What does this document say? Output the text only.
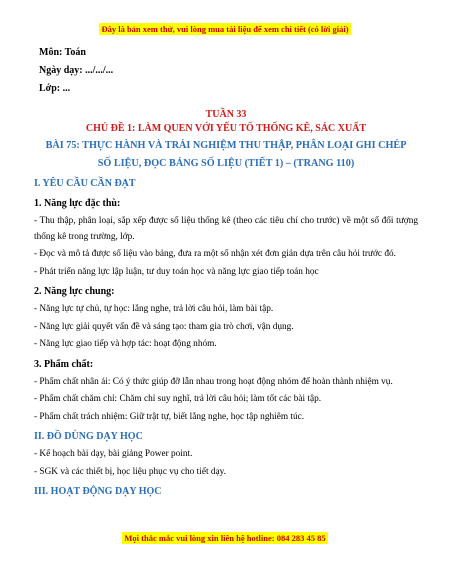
Đây là bản xem thử, vui lòng mua tài liệu để xem chi tiết (có lời giải)

Môn: Toán

Ngày dạy: .../.../...

Lớp: ...

TUẦN 33

CHỦ ĐỀ 1: LÀM QUEN VỚI YẾU TỐ THỐNG KÊ, SÁC XUẤT

BÀI 75: THỰC HÀNH VÀ TRẢI NGHIỆM THU THẬP, PHÂN LOẠI GHI CHÉP

SỐ LIỆU, ĐỌC BẢNG SỐ LIỆU (TIẾT 1) – (TRANG 110)

I. YÊU CẦU CẦN ĐẠT

1. Năng lực đặc thù:

- Thu thập, phân loại, sắp xếp được số liệu thống kê (theo các tiêu chí cho trước) về một số đối tượng thống kê trong trường, lớp.

- Đọc và mô tả được số liệu vào bảng, đưa ra một số nhận xét đơn giản dựa trên câu hỏi trước đó.

- Phát triển năng lực lập luận, tư duy toán học và năng lực giao tiếp toán học

2. Năng lực chung:

- Năng lực tự chủ, tự học: lắng nghe, trả lời câu hỏi, làm bài tập.

- Năng lực giải quyết vấn đề và sáng tạo: tham gia trò chơi, vận dụng.

- Năng lực giao tiếp và hợp tác: hoạt động nhóm.

3. Phẩm chất:

- Phẩm chất nhân ái: Có ý thức giúp đỡ lẫn nhau trong hoạt động nhóm để hoàn thành nhiệm vụ.

- Phẩm chất chăm chỉ: Chăm chỉ suy nghĩ, trả lời câu hỏi; làm tốt các bài tập.

- Phẩm chất trách nhiệm: Giữ trật tự, biết lắng nghe, học tập nghiêm túc.

II. ĐỒ DÙNG DẠY HỌC

- Kế hoạch bài dạy, bài giảng Power point.

- SGK và các thiết bị, học liệu phục vụ cho tiết dạy.

III. HOẠT ĐỘNG DẠY HỌC

Mọi thắc mắc vui lòng xin liên hệ hotline: 084 283 45 85
